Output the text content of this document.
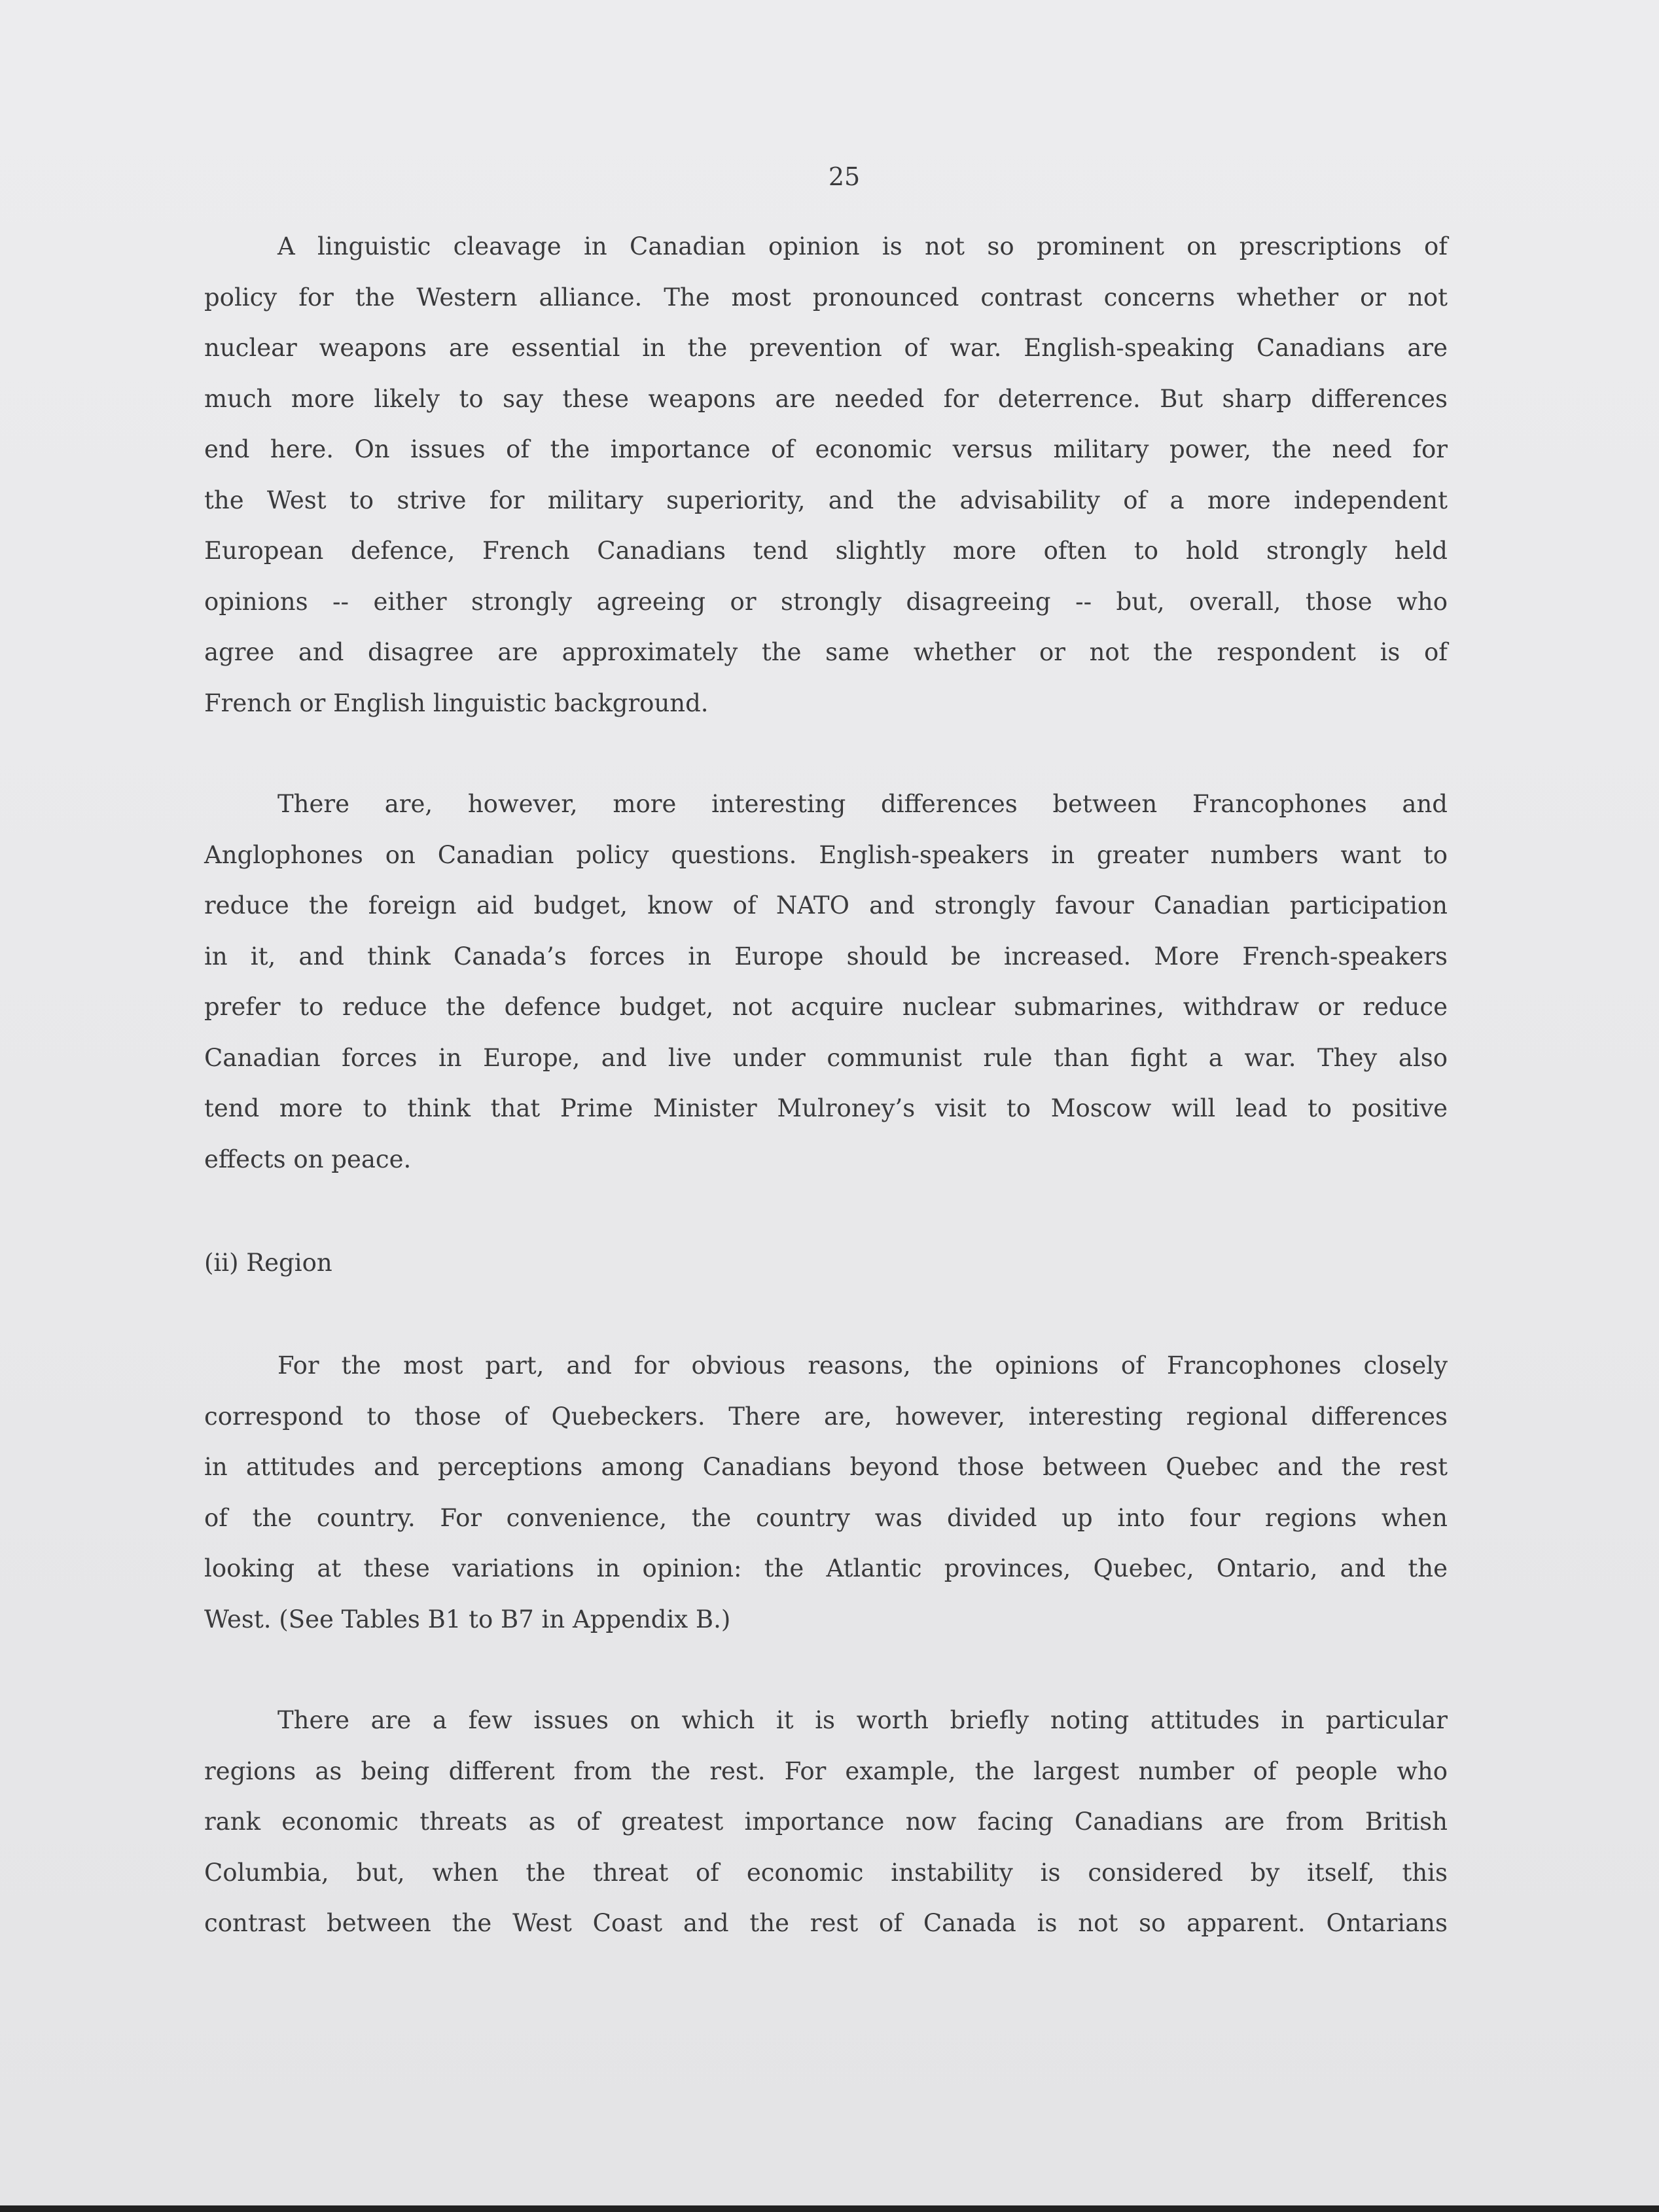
25
A linguistic cleavage in Canadian opinion is not so prominent on prescriptions of
policy for the Western alliance. The most pronounced contrast concerns whether or not
nuclear weapons are essential in the prevention of war. English-speaking Canadians are
much more likely to say these weapons are needed for deterrence. But sharp differences
end here. On issues of the importance of economic versus military power, the need for
the West to strive for military superiority, and the advisability of a more independent
European defence, French Canadians tend slightly more often to hold strongly held
opinions -- either strongly agreeing or strongly disagreeing -- but, overall, those who
agree and disagree are approximately the same whether or not the respondent is of
French or English linguistic background.
There are, however, more interesting differences between Francophones and
Anglophones on Canadian policy questions. English-speakers in greater numbers want to
reduce the foreign aid budget, know of NATO and strongly favour Canadian participation
in it, and think Canada’s forces in Europe should be increased. More French-speakers
prefer to reduce the defence budget, not acquire nuclear submarines, withdraw or reduce
Canadian forces in Europe, and live under communist rule than fight a war. They also
tend more to think that Prime Minister Mulroney’s visit to Moscow will lead to positive
effects on peace.
(ii) Region
For the most part, and for obvious reasons, the opinions of Francophones closely
correspond to those of Quebeckers. There are, however, interesting regional differences
in attitudes and perceptions among Canadians beyond those between Quebec and the rest
of the country. For convenience, the country was divided up into four regions when
looking at these variations in opinion: the Atlantic provinces, Quebec, Ontario, and the
West. (See Tables B1 to B7 in Appendix B.)
There are a few issues on which it is worth briefly noting attitudes in particular
regions as being different from the rest. For example, the largest number of people who
rank economic threats as of greatest importance now facing Canadians are from British
Columbia, but, when the threat of economic instability is considered by itself, this
contrast between the West Coast and the rest of Canada is not so apparent. Ontarians
